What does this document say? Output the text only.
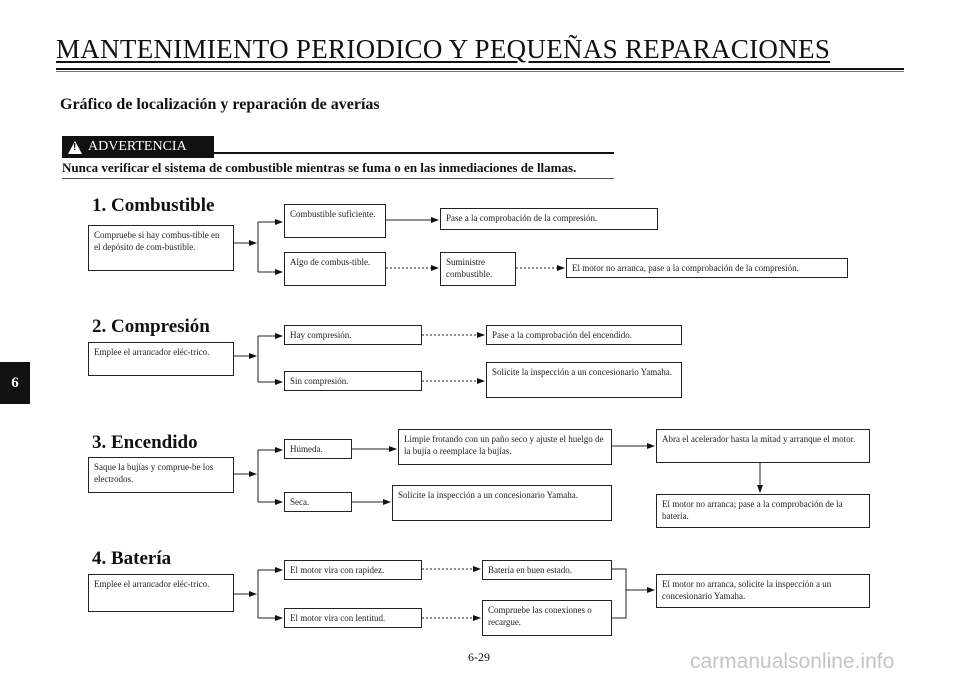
MANTENIMIENTO PERIODICO Y PEQUEÑAS REPARACIONES
Gráfico de localización y reparación de averías
!
ADVERTENCIA
Nunca verificar el sistema de combustible mientras se fuma o en las inmediaciones de llamas.
6
1. Combustible
Compruebe si hay combus-tible en el depósito de com-bustible.
Combustible suficiente.	Pase a la comprobación de la compresión.
Algo de combus-tible.	Suministre combustible.
El motor no arranca, pase a la comprobación de la compresión.
2. Compresión
Emplee el arrancador eléc-trico.
Hay compresión.	Pase a la comprobación del encendido.
Sin compresión.
Solicite la inspección a un concesionario Yamaha.
3. Encendido
Saque la bujías y comprue-be los electrodos.
Húmeda.
Limpie frotando con un paño seco y ajuste el huelgo de la bujía o reemplace la bujías.
Abra el acelerador hasta la mitad y arranque el motor.
El motor no arranca; pase a la comprobación de la batería.
Seca.
Solicite la inspección a un concesionario Yamaha.
4. Batería
Emplee el arrancador eléc-trico.
El motor vira con rapidez.	Batería en buen estado.
El motor vira con lentitud.
Compruebe las conexiones o recargue.
El motor no arranca, solicite la inspección a un concesionario Yamaha.
6-29	carmanualsonline.info
